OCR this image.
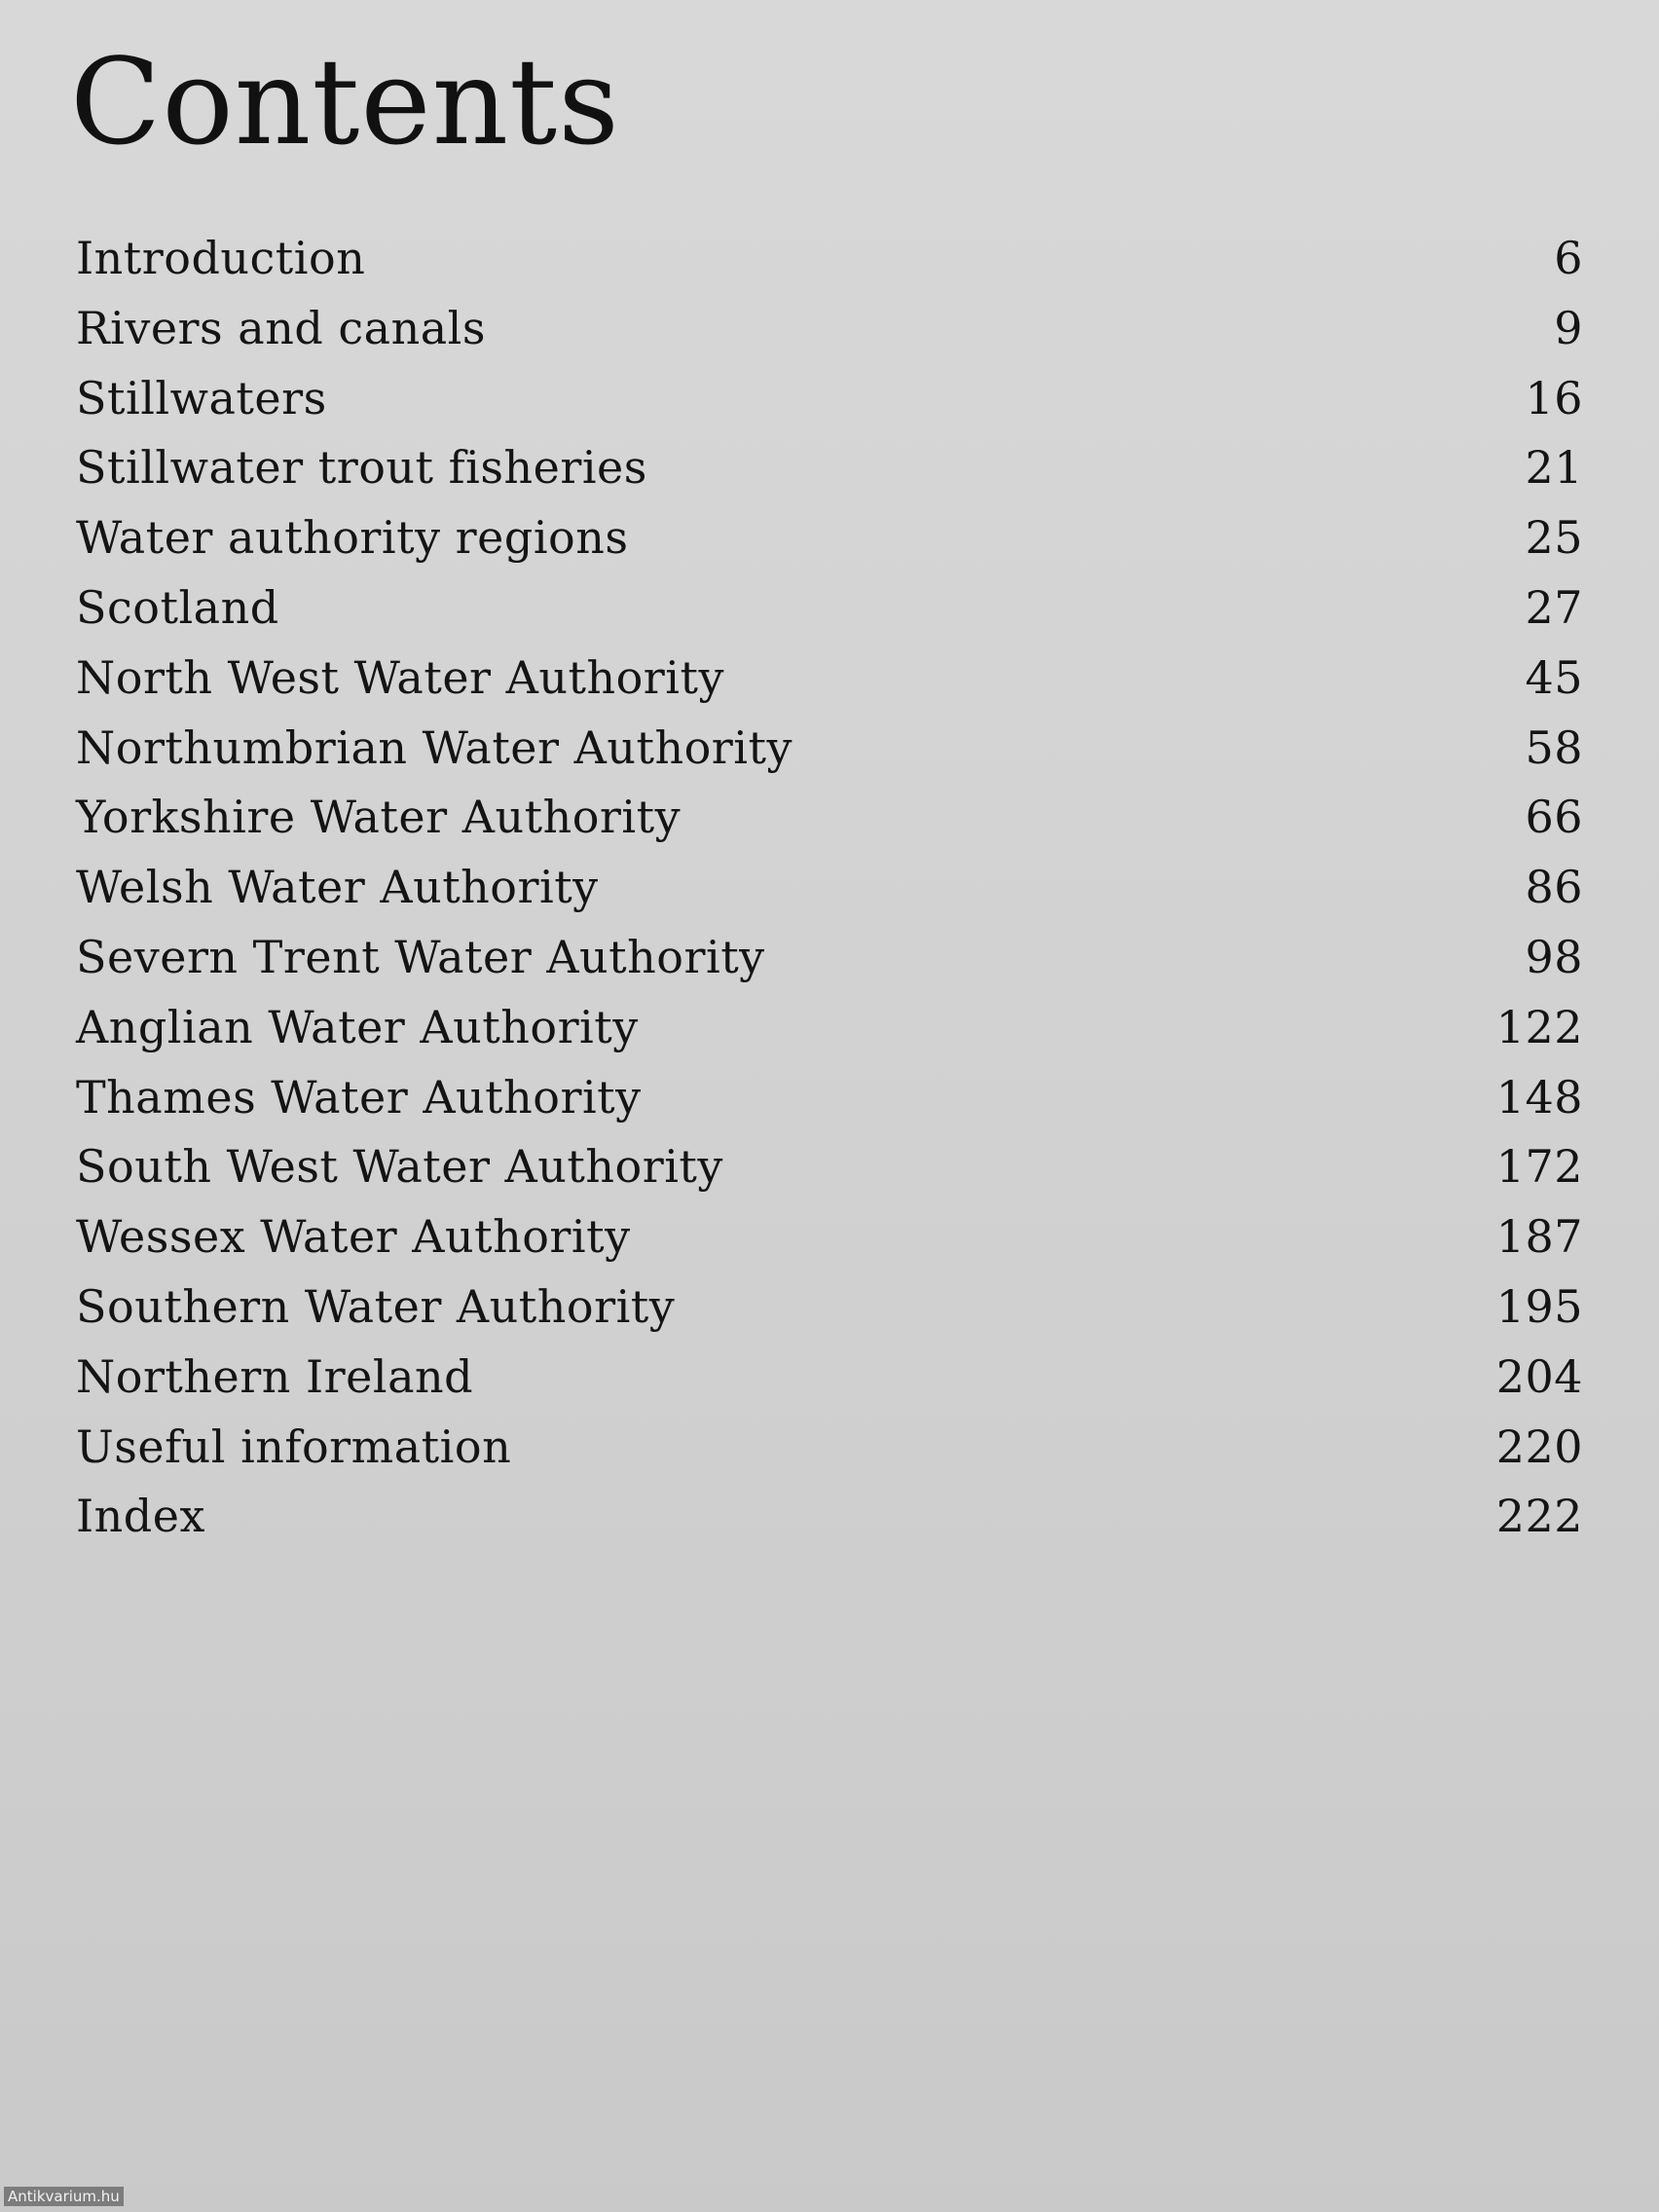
Contents
Introduction	6
Rivers and canals	9
Stillwaters	16
Stillwater trout fisheries	21
Water authority regions	25
Scotland	27
North West Water Authority	45
Northumbrian Water Authority	58
Yorkshire Water Authority	66
Welsh Water Authority	86
Severn Trent Water Authority	98
Anglian Water Authority	122
Thames Water Authority	148
South West Water Authority	172
Wessex Water Authority	187
Southern Water Authority	195
Northern Ireland	204
Useful information	220
Index	222
Antikvarium.hu
